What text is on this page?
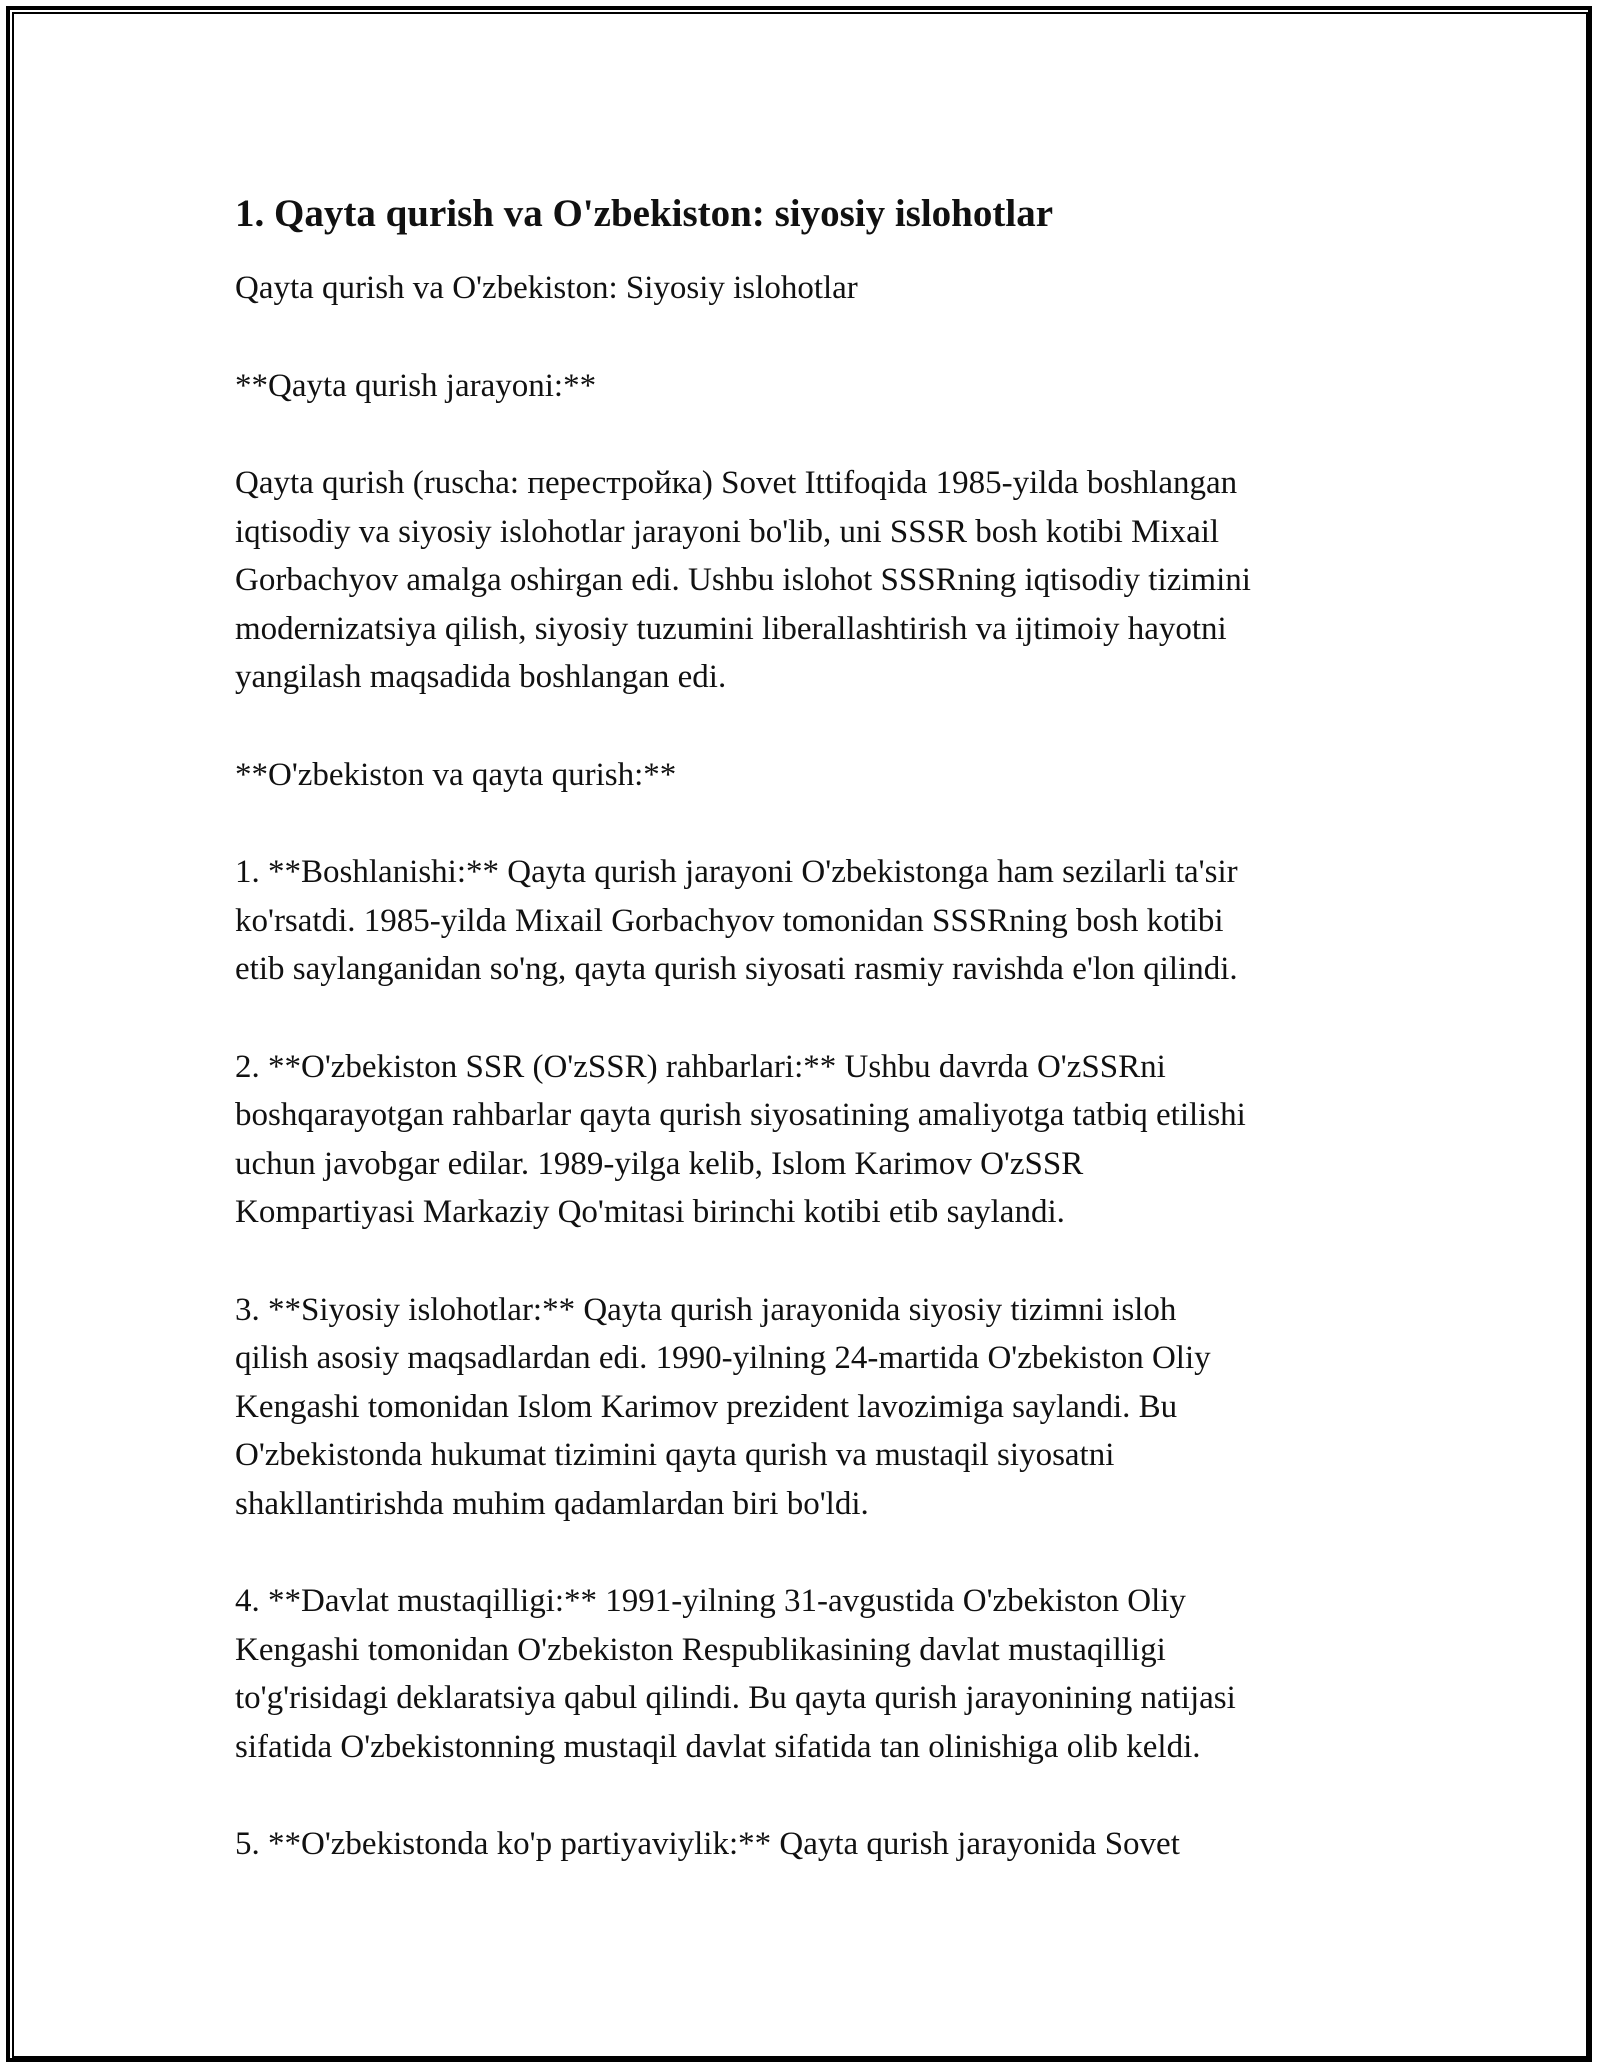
1. Qayta qurish va O'zbekiston: siyosiy islohotlar

Qayta qurish va O'zbekiston: Siyosiy islohotlar

**Qayta qurish jarayoni:**

Qayta qurish (ruscha: перестройка) Sovet Ittifoqida 1985-yilda boshlangan
iqtisodiy va siyosiy islohotlar jarayoni bo'lib, uni SSSR bosh kotibi Mixail
Gorbachyov amalga oshirgan edi. Ushbu islohot SSSRning iqtisodiy tizimini
modernizatsiya qilish, siyosiy tuzumini liberallashtirish va ijtimoiy hayotni
yangilash maqsadida boshlangan edi.

**O'zbekiston va qayta qurish:**

1. **Boshlanishi:** Qayta qurish jarayoni O'zbekistonga ham sezilarli ta'sir
ko'rsatdi. 1985-yilda Mixail Gorbachyov tomonidan SSSRning bosh kotibi
etib saylanganidan so'ng, qayta qurish siyosati rasmiy ravishda e'lon qilindi.

2. **O'zbekiston SSR (O'zSSR) rahbarlari:** Ushbu davrda O'zSSRni
boshqarayotgan rahbarlar qayta qurish siyosatining amaliyotga tatbiq etilishi
uchun javobgar edilar. 1989-yilga kelib, Islom Karimov O'zSSR
Kompartiyasi Markaziy Qo'mitasi birinchi kotibi etib saylandi.

3. **Siyosiy islohotlar:** Qayta qurish jarayonida siyosiy tizimni isloh
qilish asosiy maqsadlardan edi. 1990-yilning 24-martida O'zbekiston Oliy
Kengashi tomonidan Islom Karimov prezident lavozimiga saylandi. Bu
O'zbekistonda hukumat tizimini qayta qurish va mustaqil siyosatni
shakllantirishda muhim qadamlardan biri bo'ldi.

4. **Davlat mustaqilligi:** 1991-yilning 31-avgustida O'zbekiston Oliy
Kengashi tomonidan O'zbekiston Respublikasining davlat mustaqilligi
to'g'risidagi deklaratsiya qabul qilindi. Bu qayta qurish jarayonining natijasi
sifatida O'zbekistonning mustaqil davlat sifatida tan olinishiga olib keldi.

5. **O'zbekistonda ko'p partiyaviylik:** Qayta qurish jarayonida Sovet
